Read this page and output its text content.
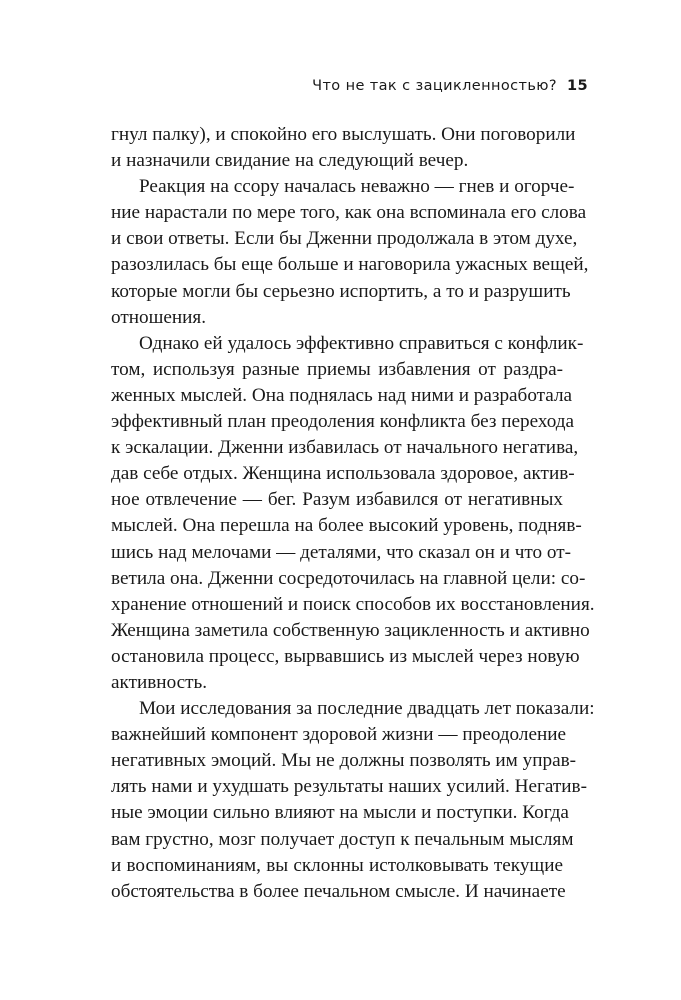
Что не так с зацикленностью? 15
гнул палку), и спокойно его выслушать. Они поговорили
и назначили свидание на следующий вечер.
Реакция на ссору началась неважно — гнев и огорче-
ние нарастали по мере того, как она вспоминала его слова
и свои ответы. Если бы Дженни продолжала в этом духе,
разозлилась бы еще больше и наговорила ужасных вещей,
которые могли бы серьезно испортить, а то и разрушить
отношения.
Однако ей удалось эффективно справиться с конфлик-
том, используя разные приемы избавления от раздра-
женных мыслей. Она поднялась над ними и разработала
эффективный план преодоления конфликта без перехода
к эскалации. Дженни избавилась от начального негатива,
дав себе отдых. Женщина использовала здоровое, актив-
ное отвлечение — бег. Разум избавился от негативных
мыслей. Она перешла на более высокий уровень, подняв-
шись над мелочами — деталями, что сказал он и что от-
ветила она. Дженни сосредоточилась на главной цели: со-
хранение отношений и поиск способов их восстановления.
Женщина заметила собственную зацикленность и активно
остановила процесс, вырвавшись из мыслей через новую
активность.
Мои исследования за последние двадцать лет показали:
важнейший компонент здоровой жизни — преодоление
негативных эмоций. Мы не должны позволять им управ-
лять нами и ухудшать результаты наших усилий. Негатив-
ные эмоции сильно влияют на мысли и поступки. Когда
вам грустно, мозг получает доступ к печальным мыслям
и воспоминаниям, вы склонны истолковывать текущие
обстоятельства в более печальном смысле. И начинаете
